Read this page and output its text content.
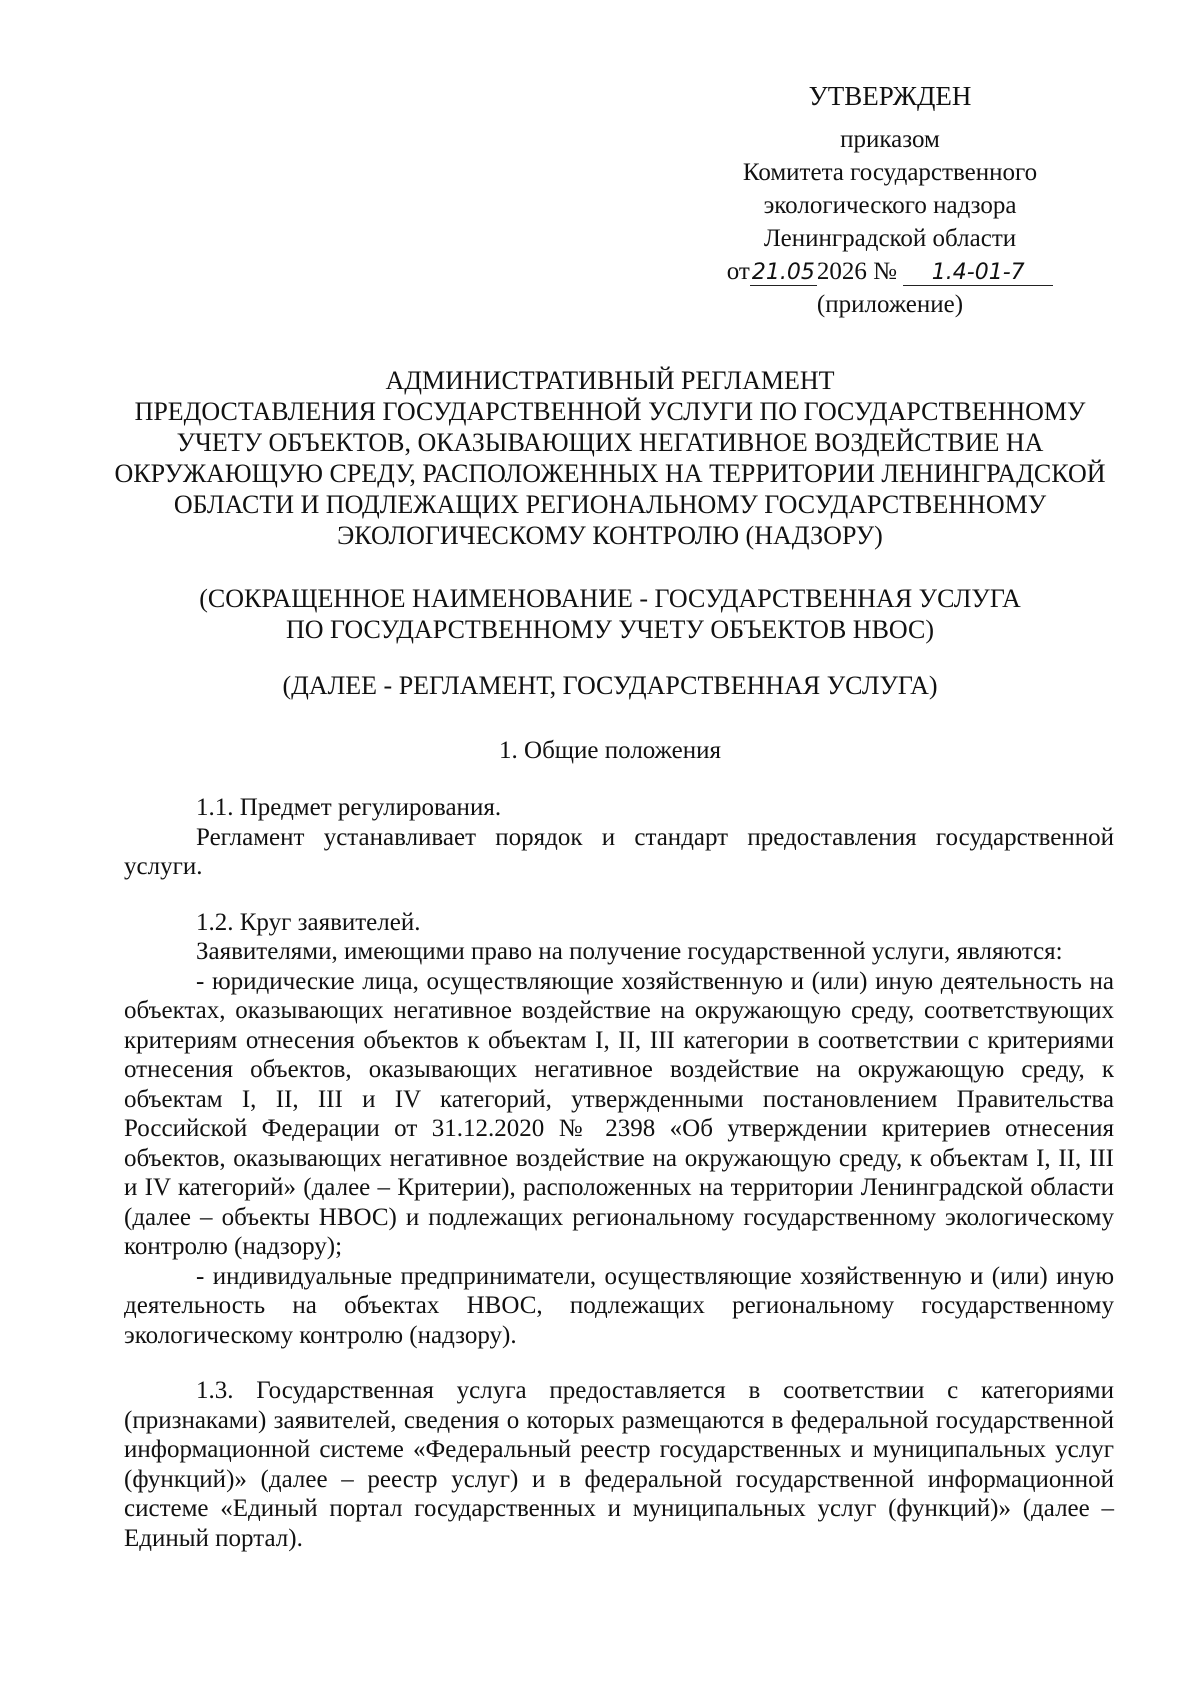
УТВЕРЖДЕН
приказом
Комитета государственного
экологического надзора
Ленинградской области
от21.052026 № 1.4-01-7
(приложение)
АДМИНИСТРАТИВНЫЙ РЕГЛАМЕНТ
ПРЕДОСТАВЛЕНИЯ ГОСУДАРСТВЕННОЙ УСЛУГИ ПО ГОСУДАРСТВЕННОМУ
УЧЕТУ ОБЪЕКТОВ, ОКАЗЫВАЮЩИХ НЕГАТИВНОЕ ВОЗДЕЙСТВИЕ НА
ОКРУЖАЮЩУЮ СРЕДУ, РАСПОЛОЖЕННЫХ НА ТЕРРИТОРИИ ЛЕНИНГРАДСКОЙ
ОБЛАСТИ И ПОДЛЕЖАЩИХ РЕГИОНАЛЬНОМУ ГОСУДАРСТВЕННОМУ
ЭКОЛОГИЧЕСКОМУ КОНТРОЛЮ (НАДЗОРУ)
(СОКРАЩЕННОЕ НАИМЕНОВАНИЕ - ГОСУДАРСТВЕННАЯ УСЛУГА
ПО ГОСУДАРСТВЕННОМУ УЧЕТУ ОБЪЕКТОВ НВОС)
(ДАЛЕЕ - РЕГЛАМЕНТ, ГОСУДАРСТВЕННАЯ УСЛУГА)
1. Общие положения

1.1. Предмет регулирования.

Регламент устанавливает порядок и стандарт предоставления государственной услуги.

1.2. Круг заявителей.

Заявителями, имеющими право на получение государственной услуги, являются:

- юридические лица, осуществляющие хозяйственную и (или) иную деятельность на объектах, оказывающих негативное воздействие на окружающую среду, соответствующих критериям отнесения объектов к объектам I, II, III категории в соответствии с критериями отнесения объектов, оказывающих негативное воздействие на окружающую среду, к объектам I, II, III и IV категорий, утвержденными постановлением Правительства Российской Федерации от 31.12.2020 № 2398 «Об утверждении критериев отнесения объектов, оказывающих негативное воздействие на окружающую среду, к объектам I, II, III и IV категорий» (далее – Критерии), расположенных на территории Ленинградской области (далее – объекты НВОС) и подлежащих региональному государственному экологическому контролю (надзору);

- индивидуальные предприниматели, осуществляющие хозяйственную и (или) иную деятельность на объектах НВОС, подлежащих региональному государственному экологическому контролю (надзору).

1.3. Государственная услуга предоставляется в соответствии с категориями (признаками) заявителей, сведения о которых размещаются в федеральной государственной информационной системе «Федеральный реестр государственных и муниципальных услуг (функций)» (далее – реестр услуг) и в федеральной государственной информационной системе «Единый портал государственных и муниципальных услуг (функций)» (далее – Единый портал).
